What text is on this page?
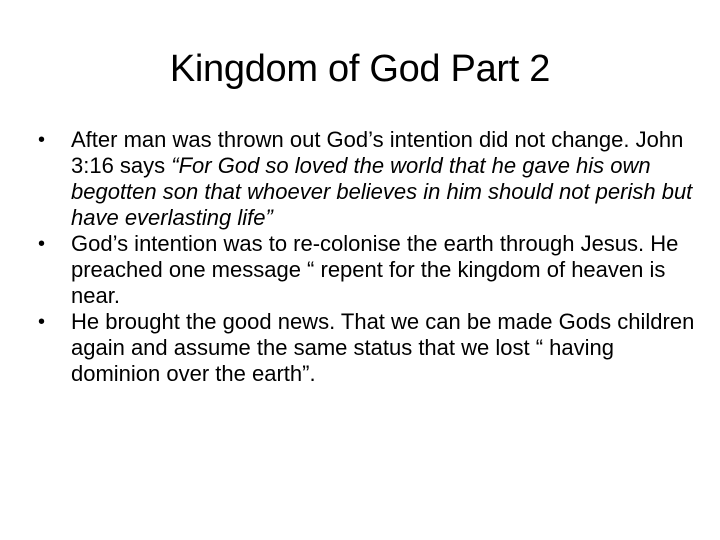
Kingdom of God Part 2
• After man was thrown out God’s intention did not change. John 3:16 says “For God so loved the world that he gave his own begotten son that whoever believes in him should not perish but have everlasting life”
• God’s intention was to re-colonise the earth through Jesus. He preached one message “ repent for the kingdom of heaven is near.
• He brought the good news. That we can be made Gods children again and assume the same status that we lost “ having dominion over the earth”.
